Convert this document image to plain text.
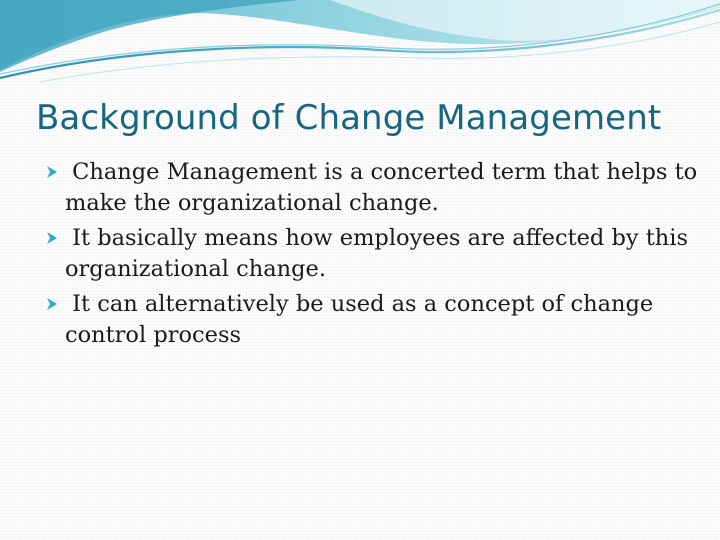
Background of Change Management
Change Management is a concerted term that helps to make the organizational change.
It basically means how employees are affected by this organizational change.
It can alternatively be used as a concept of change control process
